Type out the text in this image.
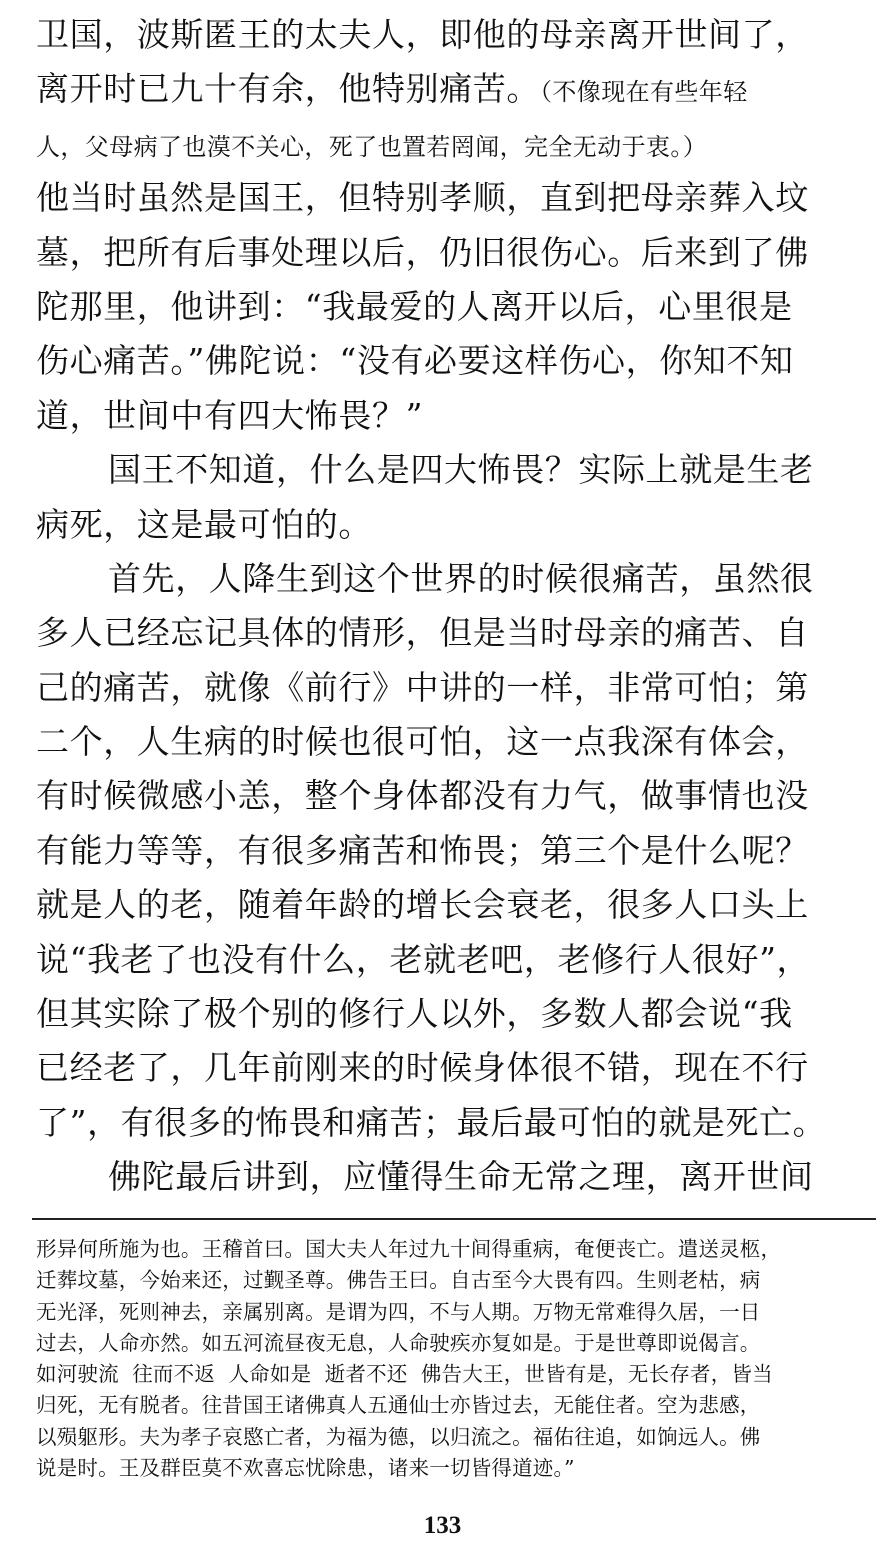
卫国，波斯匿王的太夫人，即他的母亲离开世间了，
离开时已九十有余，他特别痛苦。（不像现在有些年轻
人，父母病了也漠不关心，死了也置若罔闻，完全无动于衷。）
他当时虽然是国王，但特别孝顺，直到把母亲葬入坟
墓，把所有后事处理以后，仍旧很伤心。后来到了佛
陀那里，他讲到：“我最爱的人离开以后，心里很是
伤心痛苦。”佛陀说：“没有必要这样伤心，你知不知
道，世间中有四大怖畏？”
国王不知道，什么是四大怖畏？实际上就是生老
病死，这是最可怕的。
首先，人降生到这个世界的时候很痛苦，虽然很
多人已经忘记具体的情形，但是当时母亲的痛苦、自
己的痛苦，就像《前行》中讲的一样，非常可怕；第
二个，人生病的时候也很可怕，这一点我深有体会，
有时候微感小恙，整个身体都没有力气，做事情也没
有能力等等，有很多痛苦和怖畏；第三个是什么呢？
就是人的老，随着年龄的增长会衰老，很多人口头上
说“我老了也没有什么，老就老吧，老修行人很好”，
但其实除了极个别的修行人以外，多数人都会说“我
已经老了，几年前刚来的时候身体很不错，现在不行
了”，有很多的怖畏和痛苦；最后最可怕的就是死亡。
佛陀最后讲到，应懂得生命无常之理，离开世间
形异何所施为也。王稽首曰。国大夫人年过九十间得重病，奄便丧亡。遣送灵柩，
迁葬坟墓，今始来还，过觐圣尊。佛告王曰。自古至今大畏有四。生则老枯，病
无光泽，死则神去，亲属别离。是谓为四，不与人期。万物无常难得久居，一日
过去，人命亦然。如五河流昼夜无息，人命驶疾亦复如是。于是世尊即说偈言。
如河驶流  往而不返  人命如是  逝者不还  佛告大王，世皆有是，无长存者，皆当
归死，无有脱者。往昔国王诸佛真人五通仙士亦皆过去，无能住者。空为悲感，
以殒躯形。夫为孝子哀愍亡者，为福为德，以归流之。福佑往追，如饷远人。佛
说是时。王及群臣莫不欢喜忘忧除患，诸来一切皆得道迹。”
133
